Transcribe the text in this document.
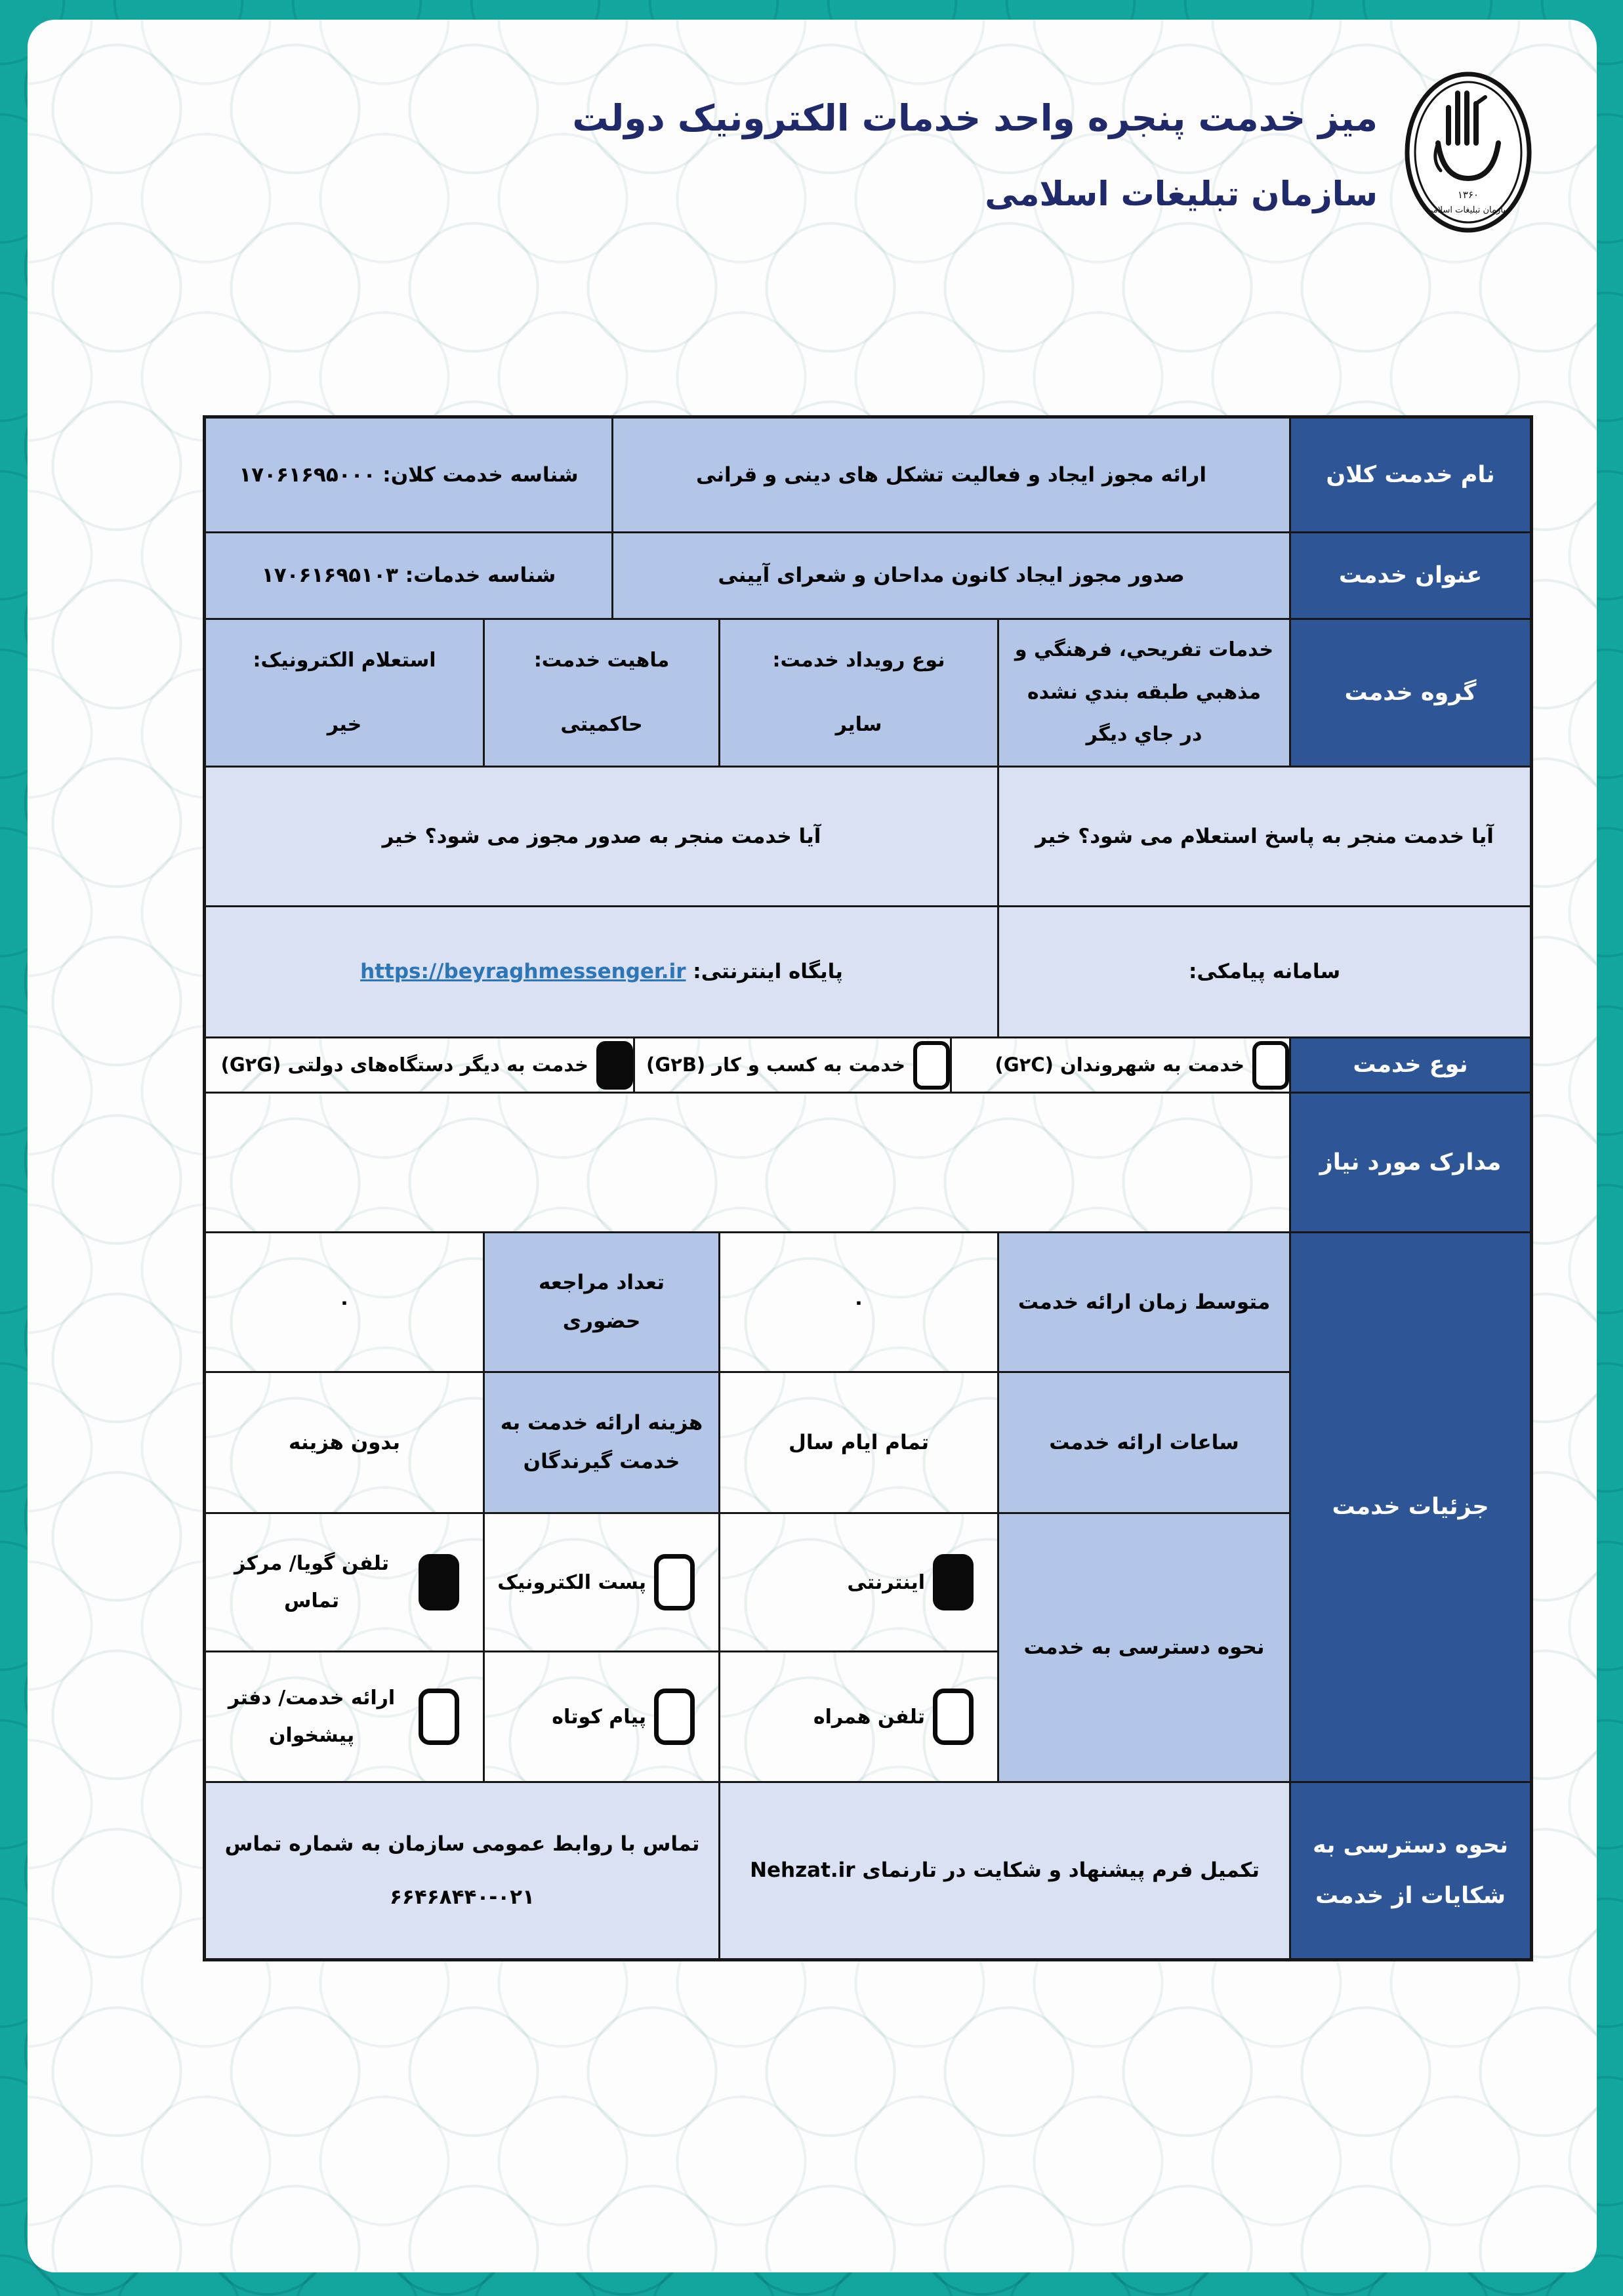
میز خدمت پنجره واحد خدمات الکترونیک دولت
سازمان تبلیغات اسلامی	۱۳۶۰
سازمان تبلیغات اسلامی
نام خدمت کلان
ارائه مجوز ایجاد و فعالیت تشکل های دینی و قرانی
شناسه خدمت کلان: ۱۷۰۶۱۶۹۵۰۰۰
عنوان خدمت
صدور مجوز ایجاد کانون مداحان و شعرای آیینی
شناسه خدمات: ۱۷۰۶۱۶۹۵۱۰۳
گروه خدمت
خدمات تفریحي، فرهنگي و مذهبي طبقه بندي نشده در جاي دیگر
نوع رویداد خدمت:
سایر
ماهیت خدمت:
حاکمیتی
استعلام الکترونیک:
خیر
آیا خدمت منجر به پاسخ استعلام می شود؟ خیر
آیا خدمت منجر به صدور مجوز می شود؟ خیر
سامانه پیامکی:
پایگاه اینترنتی:

https://beyraghmessenger.ir
نوع خدمت
خدمت به شهروندان (G۲C)
خدمت به کسب و کار (G۲B)
خدمت به دیگر دستگاه‌های دولتی (G۲G)
مدارک مورد نیاز
جزئیات خدمت
متوسط زمان ارائه خدمت
۰
تعداد مراجعه حضوری
۰
ساعات ارائه خدمت
تمام ایام سال
هزینه ارائه خدمت به خدمت گیرندگان
بدون هزینه
نحوه دسترسی به خدمت
اینترنتی
پست الکترونیک
تلفن گویا/ مرکز تماس
تلفن همراه
پیام کوتاه
ارائه خدمت/ دفتر پیشخوان
نحوه دسترسی به شکایات از خدمت
تکمیل فرم پیشنهاد و شکایت در تارنمای Nehzat.ir
تماس با روابط عمومی سازمان به شماره تماس
۶۶۴۶۸۴۴۰-۰۲۱
